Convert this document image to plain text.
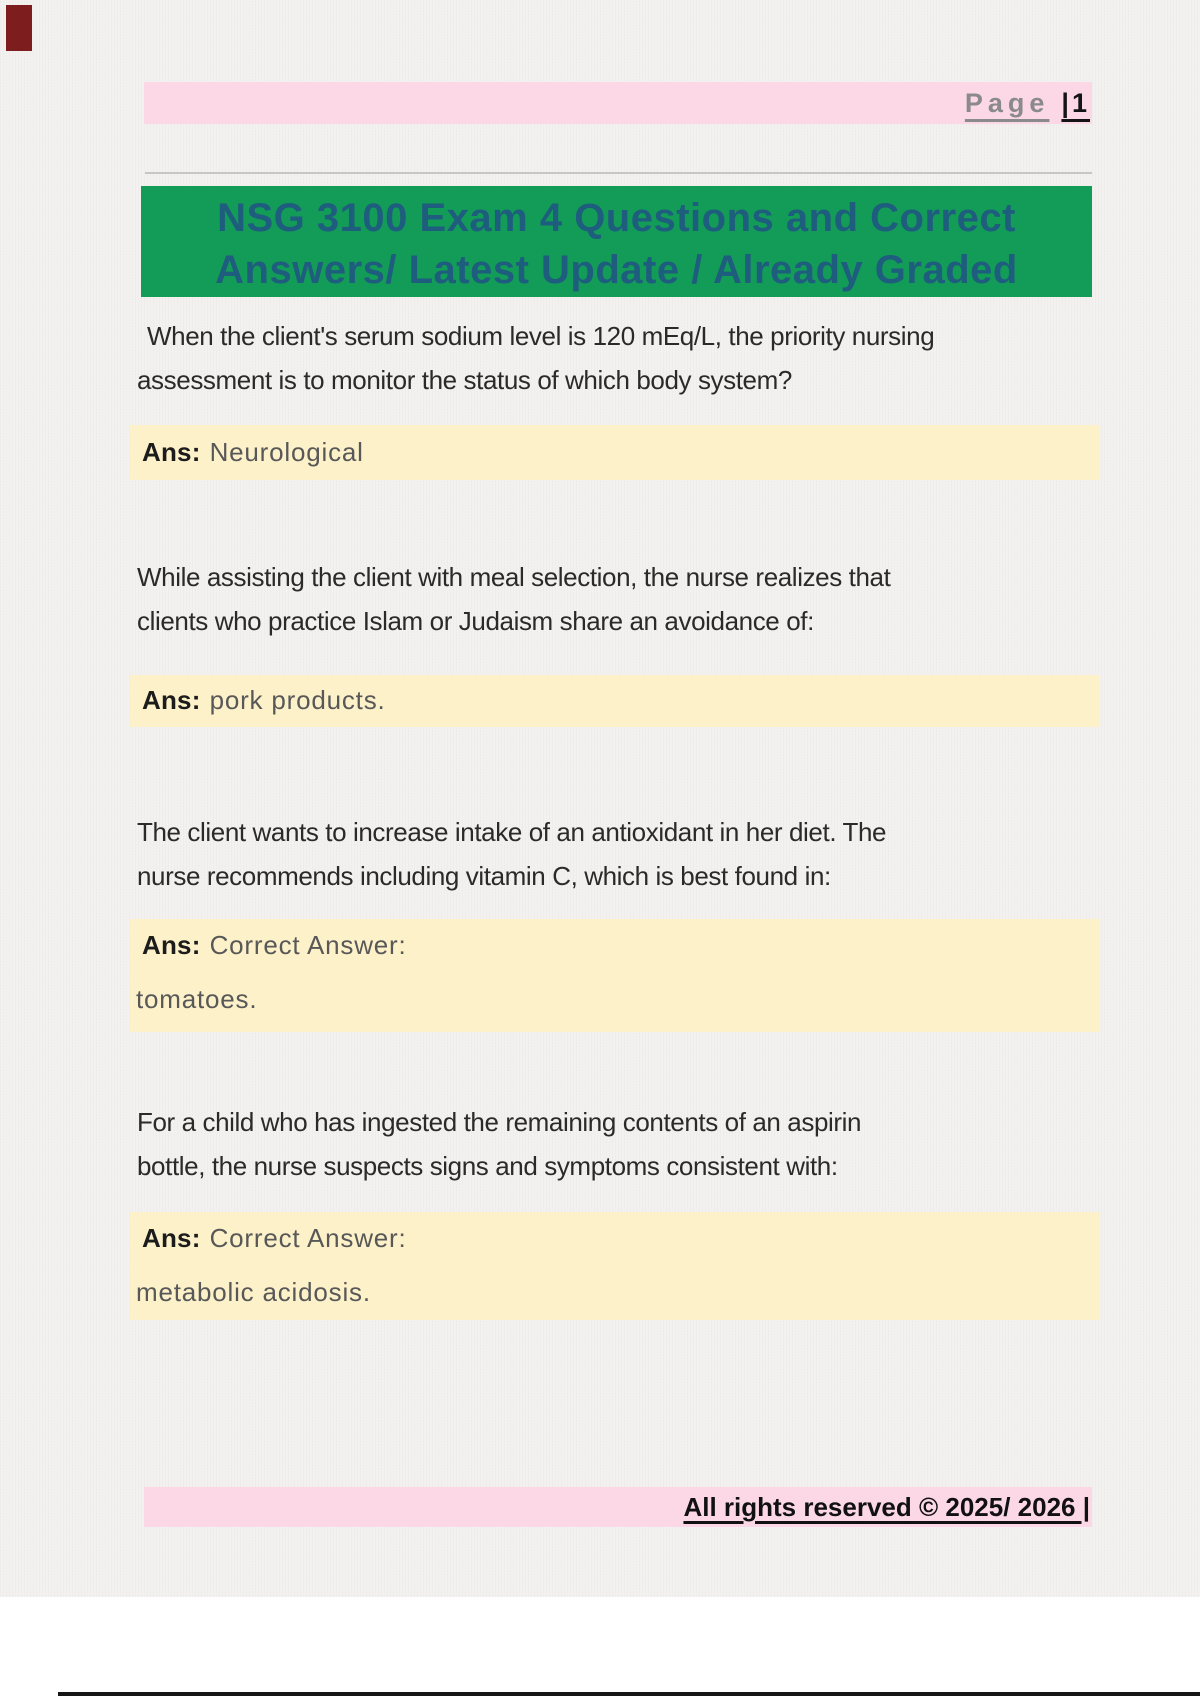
Page |1
NSG 3100 Exam 4 Questions and Correct
Answers/ Latest Update / Already Graded
When the client's serum sodium level is 120 mEq/L, the priority nursing
assessment is to monitor the status of which body system?
Ans: Neurological
While assisting the client with meal selection, the nurse realizes that
clients who practice Islam or Judaism share an avoidance of:
Ans: pork products.
The client wants to increase intake of an antioxidant in her diet. The
nurse recommends including vitamin C, which is best found in:
Ans: Correct Answer:
tomatoes.
For a child who has ingested the remaining contents of an aspirin
bottle, the nurse suspects signs and symptoms consistent with:
Ans: Correct Answer:
metabolic acidosis.
All rights reserved © 2025/ 2026 |
